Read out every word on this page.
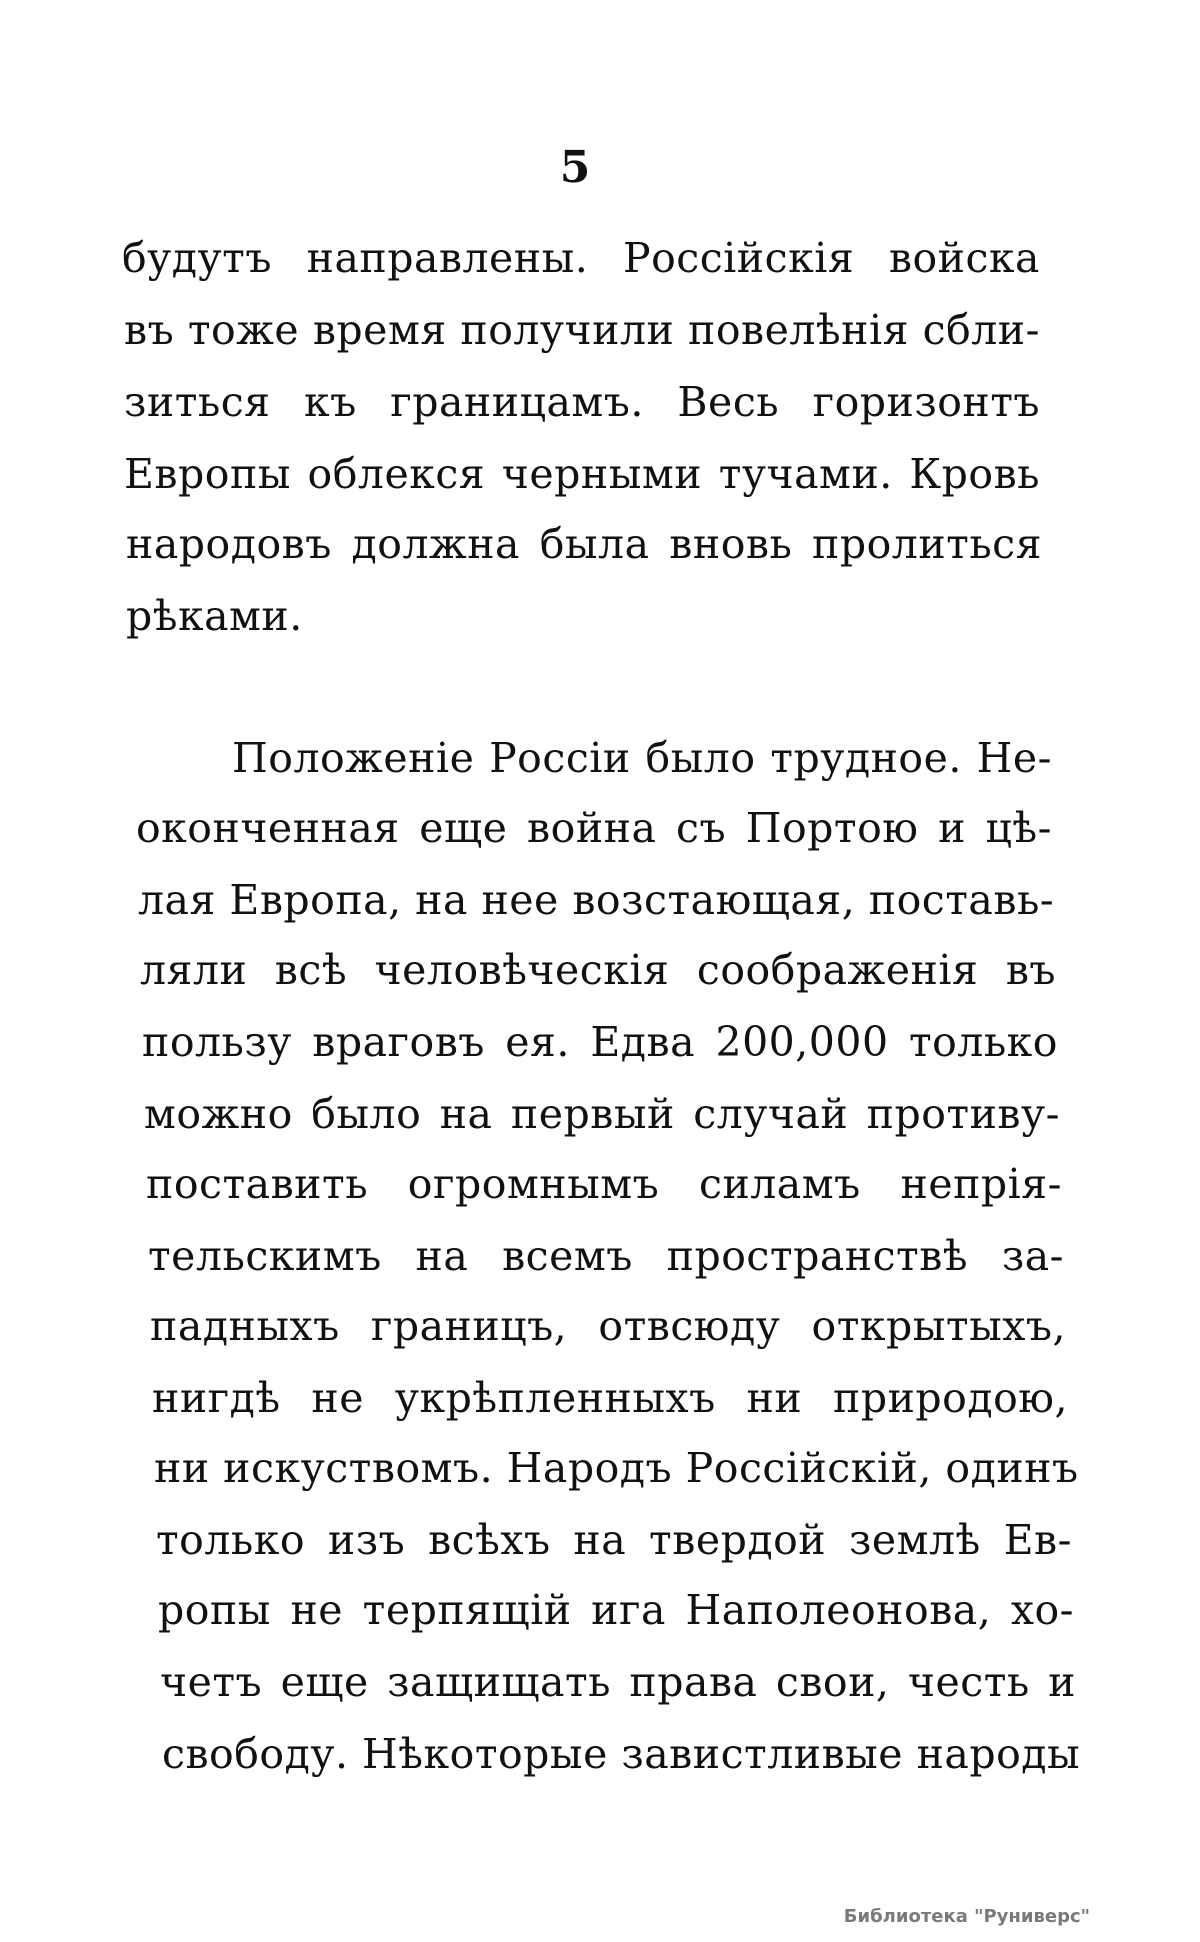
5
будутъ направлены. Россійскія войска
въ тоже время получили повелѣнія сбли-
зиться къ границамъ. Весь горизонтъ
Европы облекся черными тучами. Кровь
народовъ должна была вновь пролиться
рѣками.
Положеніе Россіи было трудное. Не-
оконченная еще война съ Портою и цѣ-
лая Европа, на нее возстающая, поставь-
ляли всѣ человѣческія соображенія въ
пользу враговъ ея. Едва 200,000 только
можно было на первый случай противу-
поставить огромнымъ силамъ непрія-
тельскимъ на всемъ пространствѣ за-
падныхъ границъ, отвсюду открытыхъ,
нигдѣ не укрѣпленныхъ ни природою,
ни искуствомъ. Народъ Россійскій, одинъ
только изъ всѣхъ на твердой землѣ Ев-
ропы не терпящій ига Наполеонова, хо-
четъ еще защищать права свои, честь и
свободу. Нѣкоторые завистливые народы
Библиотека "Руниверс"
